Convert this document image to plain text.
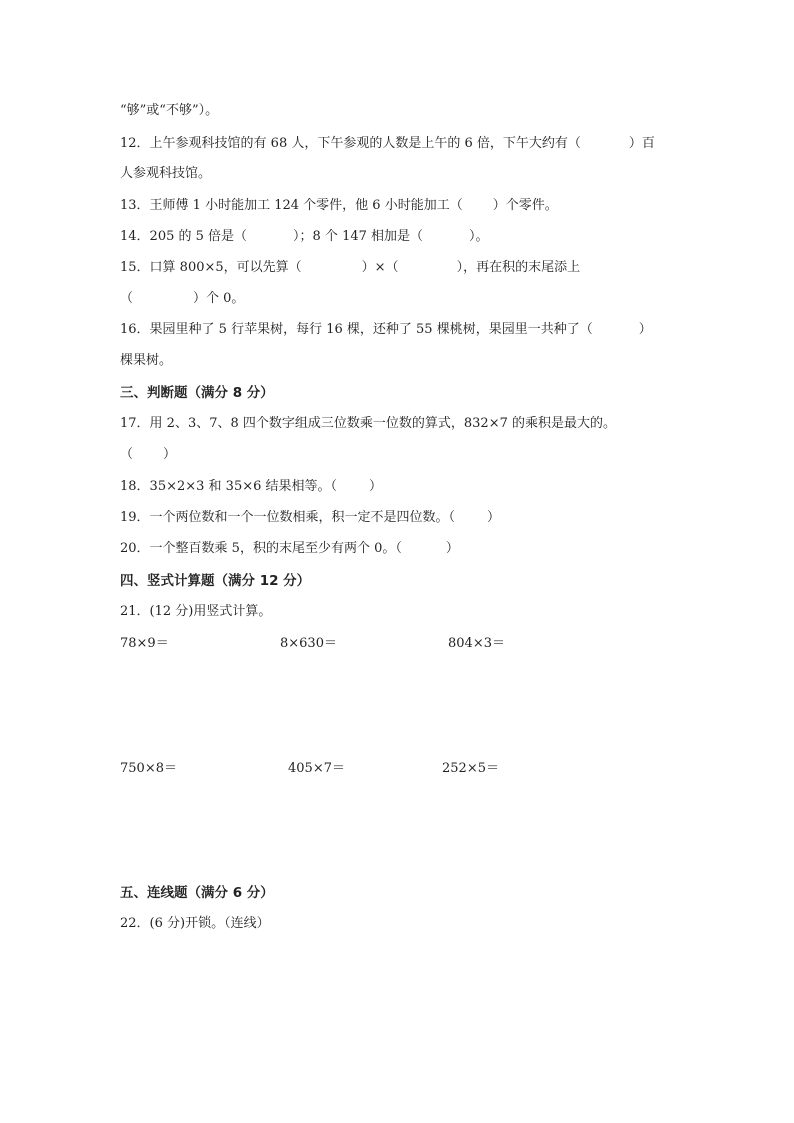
“够”或“不够”）。
12．上午参观科技馆的有 68 人，下午参观的人数是上午的 6 倍，下午大约有（	）百
人参观科技馆。
13．王师傅 1 小时能加工 124 个零件，他 6 小时能加工（ ）个零件。
14．205 的 5 倍是（	）；8 个 147 相加是（	）。
15．口算 800×5，可以先算（	）×（	），再在积的末尾添上
（	）个 0。
16．果园里种了 5 行苹果树，每行 16 棵，还种了 55 棵桃树，果园里一共种了（	）
棵果树。
三、判断题（满分 8 分）
17．用 2、3、7、8 四个数字组成三位数乘一位数的算式，832×7 的乘积是最大的。
（ ）
18．35×2×3 和 35×6 结果相等。（ ）
19．一个两位数和一个一位数相乘，积一定不是四位数。（ ）
20．一个整百数乘 5，积的末尾至少有两个 0。（	）
四、竖式计算题（满分 12 分）
21．(12 分)用竖式计算。
78×9＝	8×630＝	804×3＝
750×8＝	405×7＝	252×5＝
五、连线题（满分 6 分）
22．(6 分)开锁。（连线）
